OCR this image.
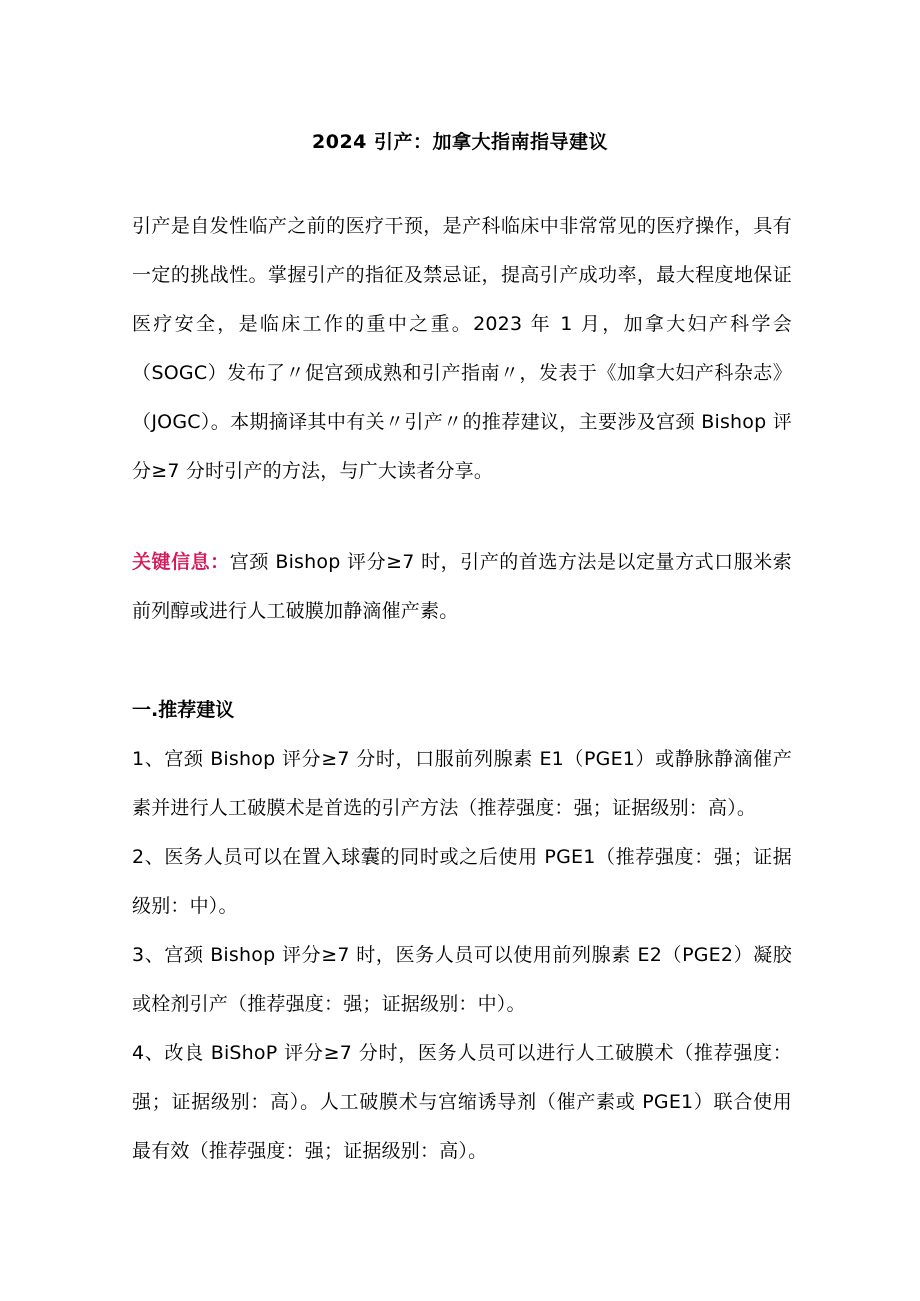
2024 引产：加拿大指南指导建议

引产是自发性临产之前的医疗干预，是产科临床中非常常见的医疗操作，具有一定的挑战性。掌握引产的指征及禁忌证，提高引产成功率，最大程度地保证医疗安全，是临床工作的重中之重。2023 年 1 月，加拿大妇产科学会（SOGC）发布了〃促宫颈成熟和引产指南〃，发表于《加拿大妇产科杂志》（JOGC）。本期摘译其中有关〃引产〃的推荐建议，主要涉及宫颈 Bishop 评分≥7 分时引产的方法，与广大读者分享。

关键信息：宫颈 Bishop 评分≥7 时，引产的首选方法是以定量方式口服米索前列醇或进行人工破膜加静滴催产素。

一.推荐建议

1、宫颈 Bishop 评分≥7 分时，口服前列腺素 E1（PGE1）或静脉静滴催产素并进行人工破膜术是首选的引产方法（推荐强度：强；证据级别：高）。
2、医务人员可以在置入球囊的同时或之后使用 PGE1（推荐强度：强；证据级别：中）。
3、宫颈 Bishop 评分≥7 时，医务人员可以使用前列腺素 E2（PGE2）凝胶或栓剂引产（推荐强度：强；证据级别：中）。
4、改良 BiShoP 评分≥7 分时，医务人员可以进行人工破膜术（推荐强度：强；证据级别：高）。人工破膜术与宫缩诱导剂（催产素或 PGE1）联合使用最有效（推荐强度：强；证据级别：高）。
